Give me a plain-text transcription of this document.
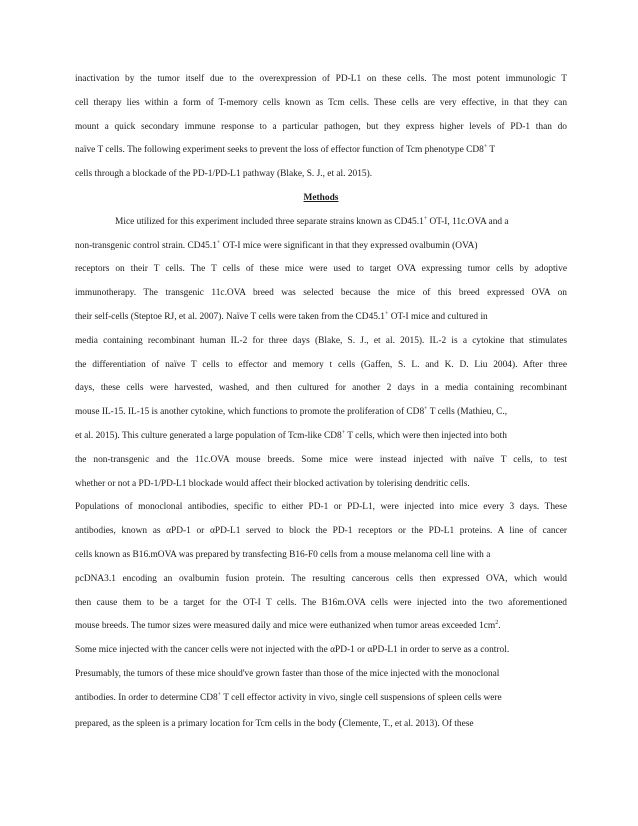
inactivation by the tumor itself due to the overexpression of PD-L1 on these cells. The most potent immunologic T
cell therapy lies within a form of T-memory cells known as Tcm cells. These cells are very effective, in that they can
mount a quick secondary immune response to a particular pathogen, but they express higher levels of PD-1 than do
naïve T cells. The following experiment seeks to prevent the loss of effector function of Tcm phenotype CD8+ T
cells through a blockade of the PD-1/PD-L1 pathway (Blake, S. J., et al. 2015).
Methods
Mice utilized for this experiment included three separate strains known as CD45.1+ OT-I, 11c.OVA and a
non-transgenic control strain. CD45.1+ OT-I mice were significant in that they expressed ovalbumin (OVA)
receptors on their T cells. The T cells of these mice were used to target OVA expressing tumor cells by adoptive
immunotherapy. The transgenic 11c.OVA breed was selected because the mice of this breed expressed OVA on
their self-cells (Steptoe RJ, et al. 2007). Naïve T cells were taken from the CD45.1+ OT-I mice and cultured in
media containing recombinant human IL-2 for three days (Blake, S. J., et al. 2015). IL-2 is a cytokine that stimulates
the differentiation of naïve T cells to effector and memory t cells (Gaffen, S. L. and K. D. Liu 2004). After three
days, these cells were harvested, washed, and then cultured for another 2 days in a media containing recombinant
mouse IL-15. IL-15 is another cytokine, which functions to promote the proliferation of CD8+ T cells (Mathieu, C.,
et al. 2015). This culture generated a large population of Tcm-like CD8+ T cells, which were then injected into both
the non-transgenic and the 11c.OVA mouse breeds. Some mice were instead injected with naïve T cells, to test
whether or not a PD-1/PD-L1 blockade would affect their blocked activation by tolerising dendritic cells.
Populations of monoclonal antibodies, specific to either PD-1 or PD-L1, were injected into mice every 3 days. These
antibodies, known as αPD-1 or αPD-L1 served to block the PD-1 receptors or the PD-L1 proteins. A line of cancer
cells known as B16.mOVA was prepared by transfecting B16-F0 cells from a mouse melanoma cell line with a
pcDNA3.1 encoding an ovalbumin fusion protein. The resulting cancerous cells then expressed OVA, which would
then cause them to be a target for the OT-I T cells. The B16m.OVA cells were injected into the two aforementioned
mouse breeds. The tumor sizes were measured daily and mice were euthanized when tumor areas exceeded $1cm^2$.
Some mice injected with the cancer cells were not injected with the αPD-1 or αPD-L1 in order to serve as a control.
Presumably, the tumors of these mice should've grown faster than those of the mice injected with the monoclonal
antibodies. In order to determine CD8+ T cell effector activity in vivo, single cell suspensions of spleen cells were
prepared, as the spleen is a primary location for Tcm cells in the body (Clemente, T., et al. 2013). Of these
